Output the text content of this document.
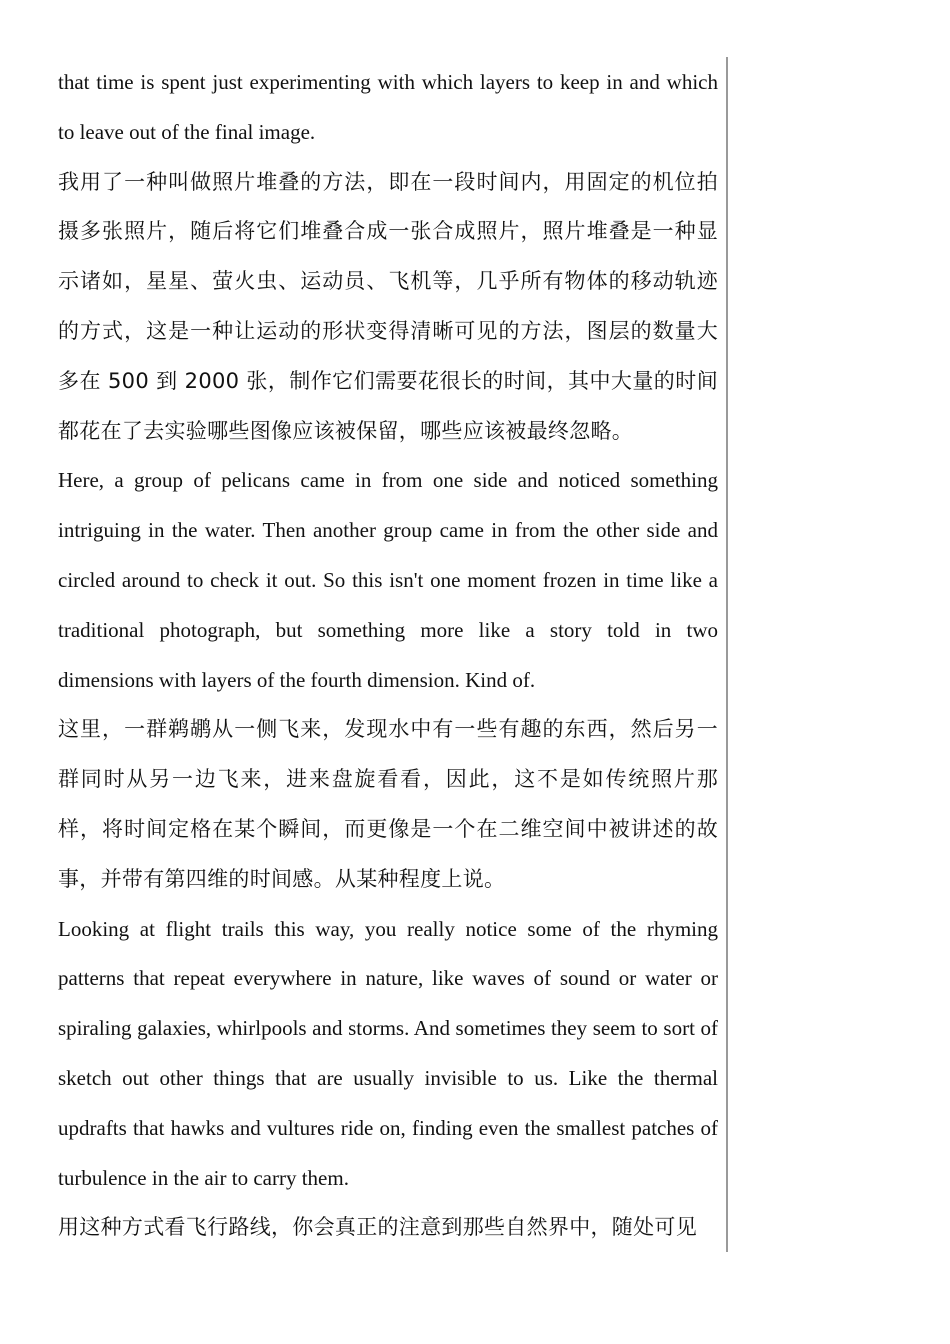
that time is spent just experimenting with which layers to keep in and which to leave out of the final image.

我用了一种叫做照片堆叠的方法，即在一段时间内，用固定的机位拍摄多张照片，随后将它们堆叠合成一张合成照片，照片堆叠是一种显示诸如，星星、萤火虫、运动员、飞机等，几乎所有物体的移动轨迹的方式，这是一种让运动的形状变得清晰可见的方法，图层的数量大多在 500 到 2000 张，制作它们需要花很长的时间，其中大量的时间都花在了去实验哪些图像应该被保留，哪些应该被最终忽略。

Here, a group of pelicans came in from one side and noticed something intriguing in the water. Then another group came in from the other side and circled around to check it out. So this isn't one moment frozen in time like a traditional photograph, but something more like a story told in two dimensions with layers of the fourth dimension. Kind of.

这里，一群鹈鹕从一侧飞来，发现水中有一些有趣的东西，然后另一群同时从另一边飞来，进来盘旋看看，因此，这不是如传统照片那样，将时间定格在某个瞬间，而更像是一个在二维空间中被讲述的故事，并带有第四维的时间感。从某种程度上说。

Looking at flight trails this way, you really notice some of the rhyming patterns that repeat everywhere in nature, like waves of sound or water or spiraling galaxies, whirlpools and storms. And sometimes they seem to sort of sketch out other things that are usually invisible to us. Like the thermal updrafts that hawks and vultures ride on, finding even the smallest patches of turbulence in the air to carry them.

用这种方式看飞行路线，你会真正的注意到那些自然界中，随处可见
